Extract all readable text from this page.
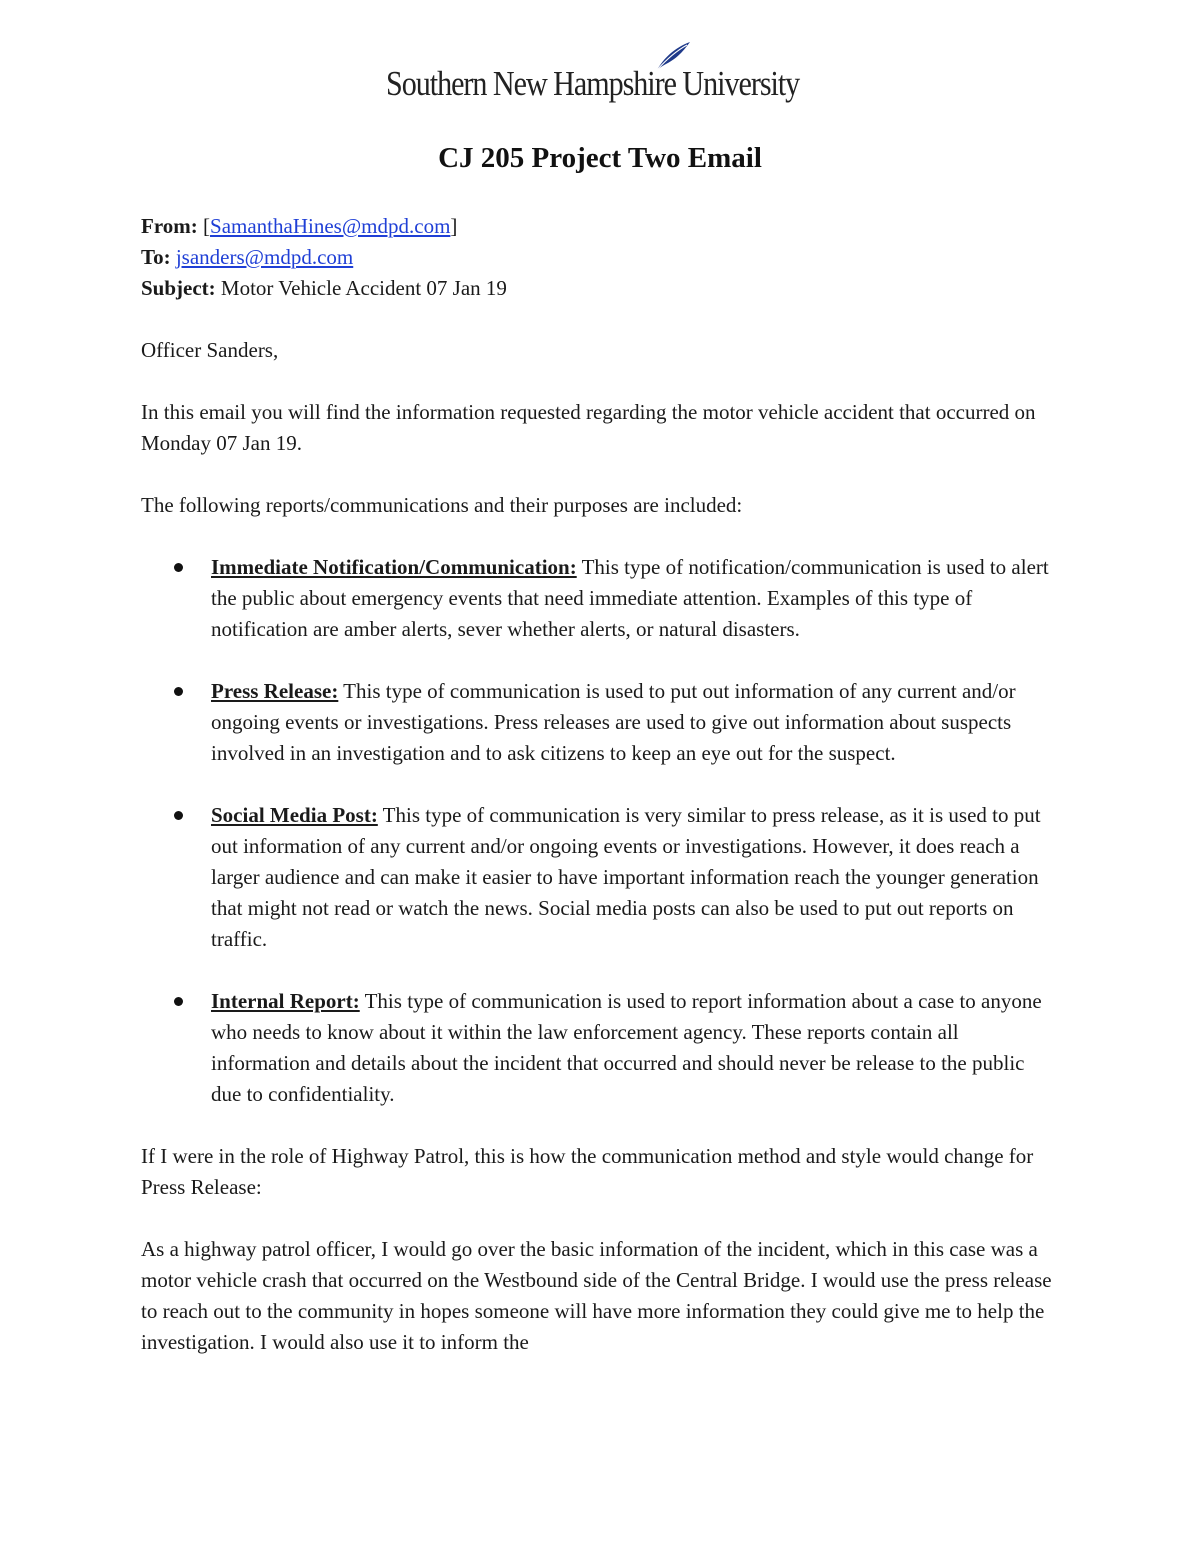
Southern New Hampshire University
CJ 205 Project Two Email

From: [SamanthaHines@mdpd.com]

To: jsanders@mdpd.com

Subject: Motor Vehicle Accident 07 Jan 19

Officer Sanders,

In this email you will find the information requested regarding the motor vehicle accident that occurred on Monday 07 Jan 19.

The following reports/communications and their purposes are included:

Immediate Notification/Communication: This type of notification/communication is used to alert the public about emergency events that need immediate attention. Examples of this type of notification are amber alerts, sever whether alerts, or natural disasters.
Press Release: This type of communication is used to put out information of any current and/or ongoing events or investigations. Press releases are used to give out information about suspects involved in an investigation and to ask citizens to keep an eye out for the suspect.
Social Media Post: This type of communication is very similar to press release, as it is used to put out information of any current and/or ongoing events or investigations. However, it does reach a larger audience and can make it easier to have important information reach the younger generation that might not read or watch the news. Social media posts can also be used to put out reports on traffic.
Internal Report: This type of communication is used to report information about a case to anyone who needs to know about it within the law enforcement agency. These reports contain all information and details about the incident that occurred and should never be release to the public due to confidentiality.

If I were in the role of Highway Patrol, this is how the communication method and style would change for Press Release:

As a highway patrol officer, I would go over the basic information of the incident, which in this case was a motor vehicle crash that occurred on the Westbound side of the Central Bridge. I would use the press release to reach out to the community in hopes someone will have more information they could give me to help the investigation. I would also use it to inform the
